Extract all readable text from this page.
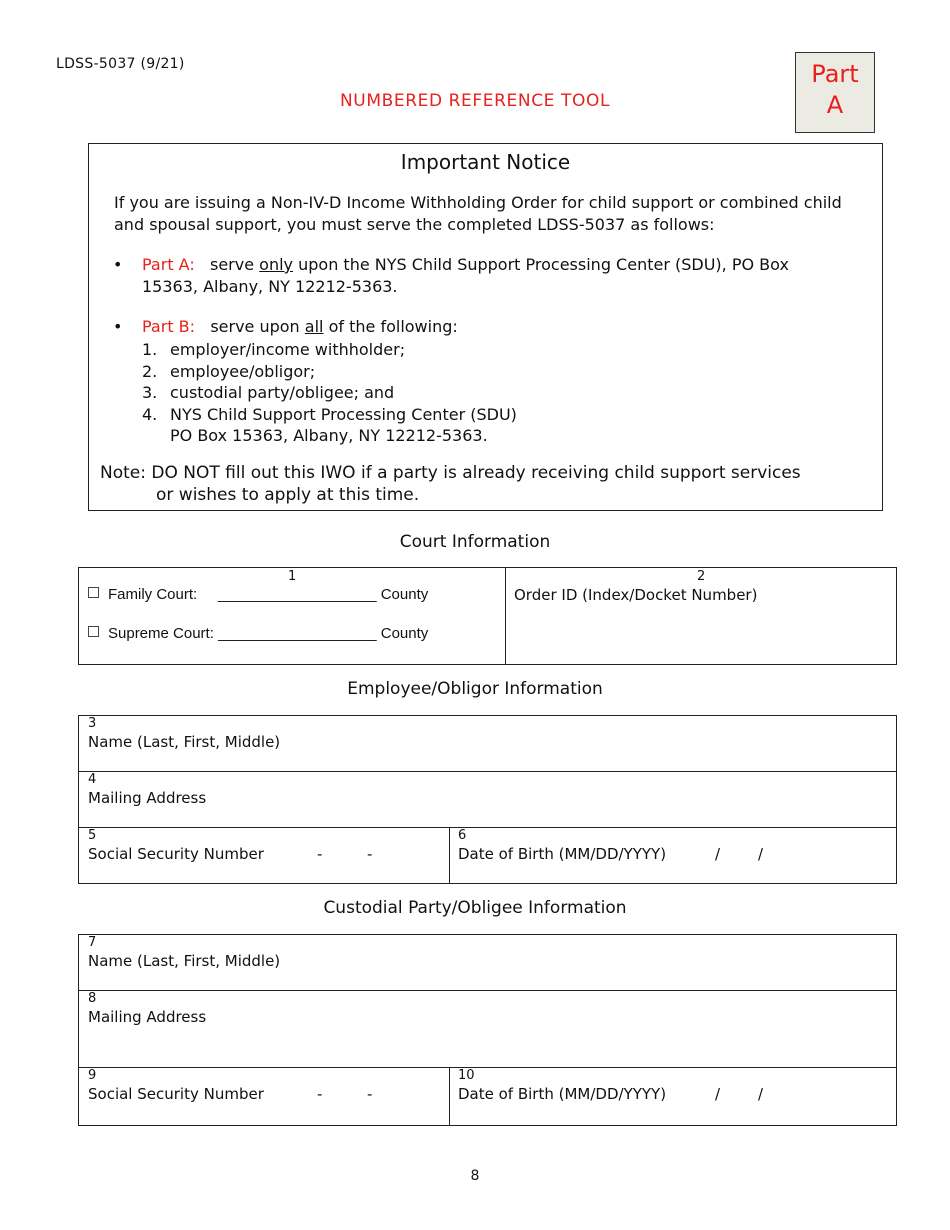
LDSS-5037 (9/21)
NUMBERED REFERENCE TOOL
Part
A
Important Notice
If you are issuing a Non-IV-D Income Withholding Order for child support or combined child and spousal support, you must serve the completed LDSS-5037 as follows:
• Part A: serve only upon the NYS Child Support Processing Center (SDU), PO Box 15363, Albany, NY 12212-5363.
• Part B: serve upon all of the following:
1. employer/income withholder;
2. employee/obligor;
3. custodial party/obligee; and
4. NYS Child Support Processing Center (SDU)
PO Box 15363, Albany, NY 12212-5363.
Note: DO NOT fill out this IWO if a party is already receiving child support services
or wishes to apply at this time.
Court Information
1
Family Court: ___________________ County
Supreme Court: ___________________ County
2
Order ID (Index/Docket Number)
Employee/Obligor Information
3
Name (Last, First, Middle)
4
Mailing Address
5
Social Security Number	-	-
6
Date of Birth (MM/DD/YYYY)	/	/
Custodial Party/Obligee Information
7
Name (Last, First, Middle)
8
Mailing Address
9
Social Security Number	-	-
10
Date of Birth (MM/DD/YYYY)	/	/
8
